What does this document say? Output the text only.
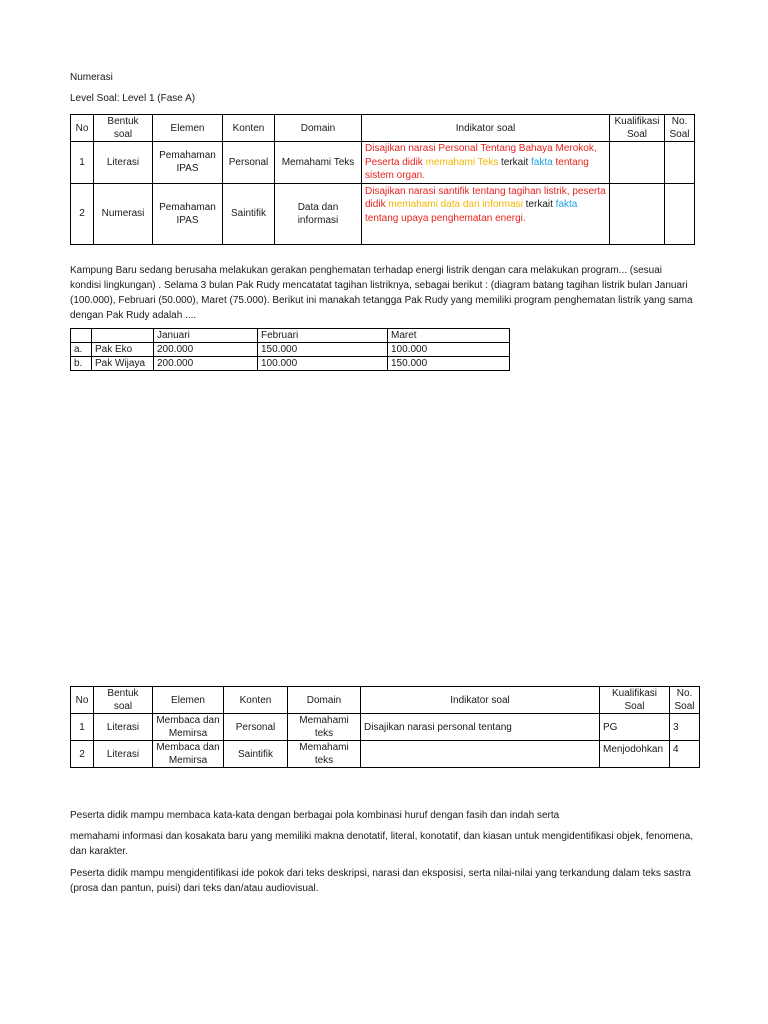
Numerasi

Level Soal: Level 1 (Fase A)

No	Bentuk soal	Elemen	Konten	Domain	Indikator soal	Kualifikasi Soal	No. Soal
1	Literasi	Pemahaman IPAS	Personal	Memahami Teks	Disajikan narasi Personal Tentang Bahaya Merokok, Peserta didik memahami Teks terkait fakta tentang sistem organ.		
2	Numerasi	Pemahaman IPAS	Saintifik	Data dan informasi	Disajikan narasi santifik tentang tagihan listrik, peserta didik memahami data dan informasi terkait fakta tentang upaya penghematan energi.		

Kampung Baru sedang berusaha melakukan gerakan penghematan terhadap energi listrik dengan cara melakukan program... (sesuai kondisi lingkungan) . Selama 3 bulan Pak Rudy mencatatat tagihan listriknya, sebagai berikut : (diagram batang tagihan listrik bulan Januari (100.000), Februari (50.000), Maret (75.000). Berikut ini manakah tetangga Pak Rudy yang memiliki program penghematan listrik yang sama dengan Pak Rudy adalah ....

		Januari	Februari	Maret
a.	Pak Eko	200.000	150.000	100.000
b.	Pak Wijaya	200.000	100.000	150.000
No	Bentuk soal	Elemen	Konten	Domain	Indikator soal	Kualifikasi Soal	No. Soal
1	Literasi	Membaca dan Memirsa	Personal	Memahami teks	Disajikan narasi personal tentang	PG	3
2	Literasi	Membaca dan Memirsa	Saintifik	Memahami teks		Menjodohkan	4

Peserta didik mampu membaca kata-kata dengan berbagai pola kombinasi huruf dengan fasih dan indah serta

memahami informasi dan kosakata baru yang memiliki makna denotatif, literal, konotatif, dan kiasan untuk mengidentifikasi objek, fenomena, dan karakter.

Peserta didik mampu mengidentifikasi ide pokok dari teks deskripsi, narasi dan eksposisi, serta nilai-nilai yang terkandung dalam teks sastra (prosa dan pantun, puisi) dari teks dan/atau audiovisual.
